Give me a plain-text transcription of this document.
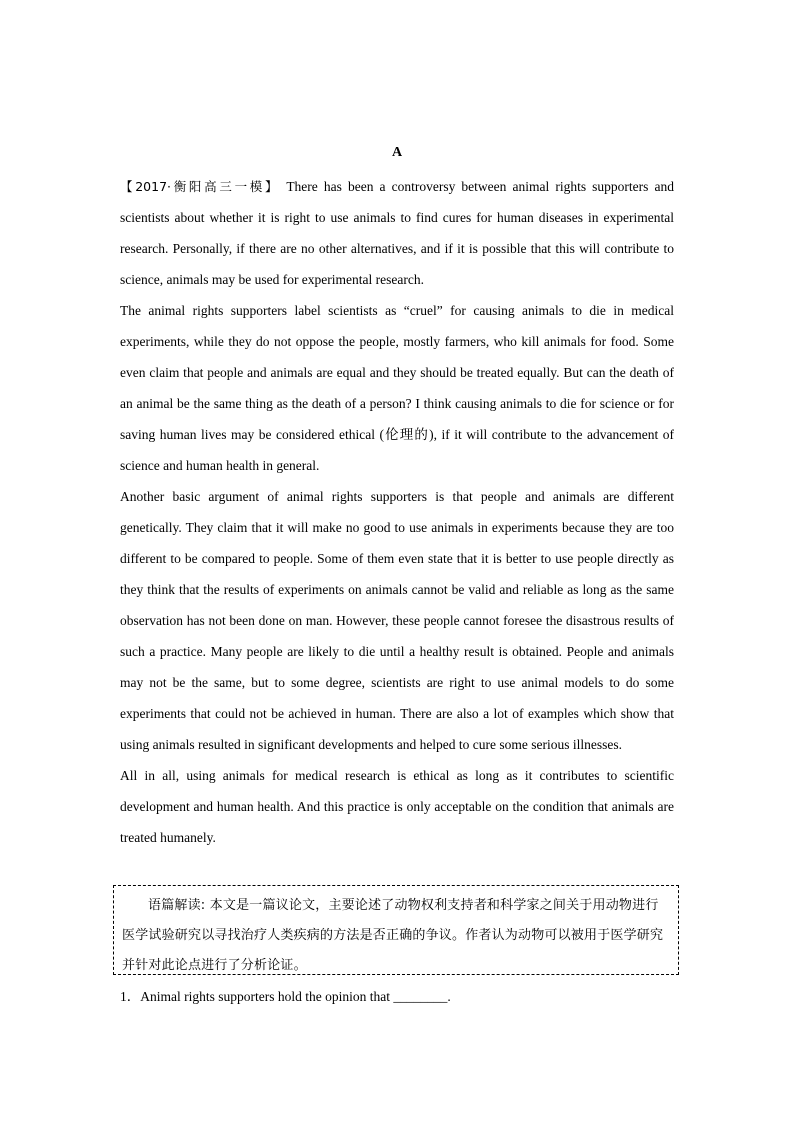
A

【2017·衡阳高三一模】 There has been a controversy between animal rights supporters and scientists about whether it is right to use animals to find cures for human diseases in experimental research. Personally, if there are no other alternatives, and if it is possible that this will contribute to science, animals may be used for experimental research.

The animal rights supporters label scientists as “cruel” for causing animals to die in medical experiments, while they do not oppose the people, mostly farmers, who kill animals for food. Some even claim that people and animals are equal and they should be treated equally. But can the death of an animal be the same thing as the death of a person? I think causing animals to die for science or for saving human lives may be considered ethical (伦理的), if it will contribute to the advancement of science and human health in general.

Another basic argument of animal rights supporters is that people and animals are different genetically. They claim that it will make no good to use animals in experiments because they are too different to be compared to people. Some of them even state that it is better to use people directly as they think that the results of experiments on animals cannot be valid and reliable as long as the same observation has not been done on man. However, these people cannot foresee the disastrous results of such a practice. Many people are likely to die until a healthy result is obtained. People and animals may not be the same, but to some degree, scientists are right to use animal models to do some experiments that could not be achieved in human. There are also a lot of examples which show that using animals resulted in significant developments and helped to cure some serious illnesses.

All in all, using animals for medical research is ethical as long as it contributes to scientific development and human health. And this practice is only acceptable on the condition that animals are treated humanely.

语篇解读: 本文是一篇议论文，主要论述了动物权利支持者和科学家之间关于用动物进行医学试验研究以寻找治疗人类疾病的方法是否正确的争议。作者认为动物可以被用于医学研究并针对此论点进行了分析论证。

1．Animal rights supporters hold the opinion that ________.
